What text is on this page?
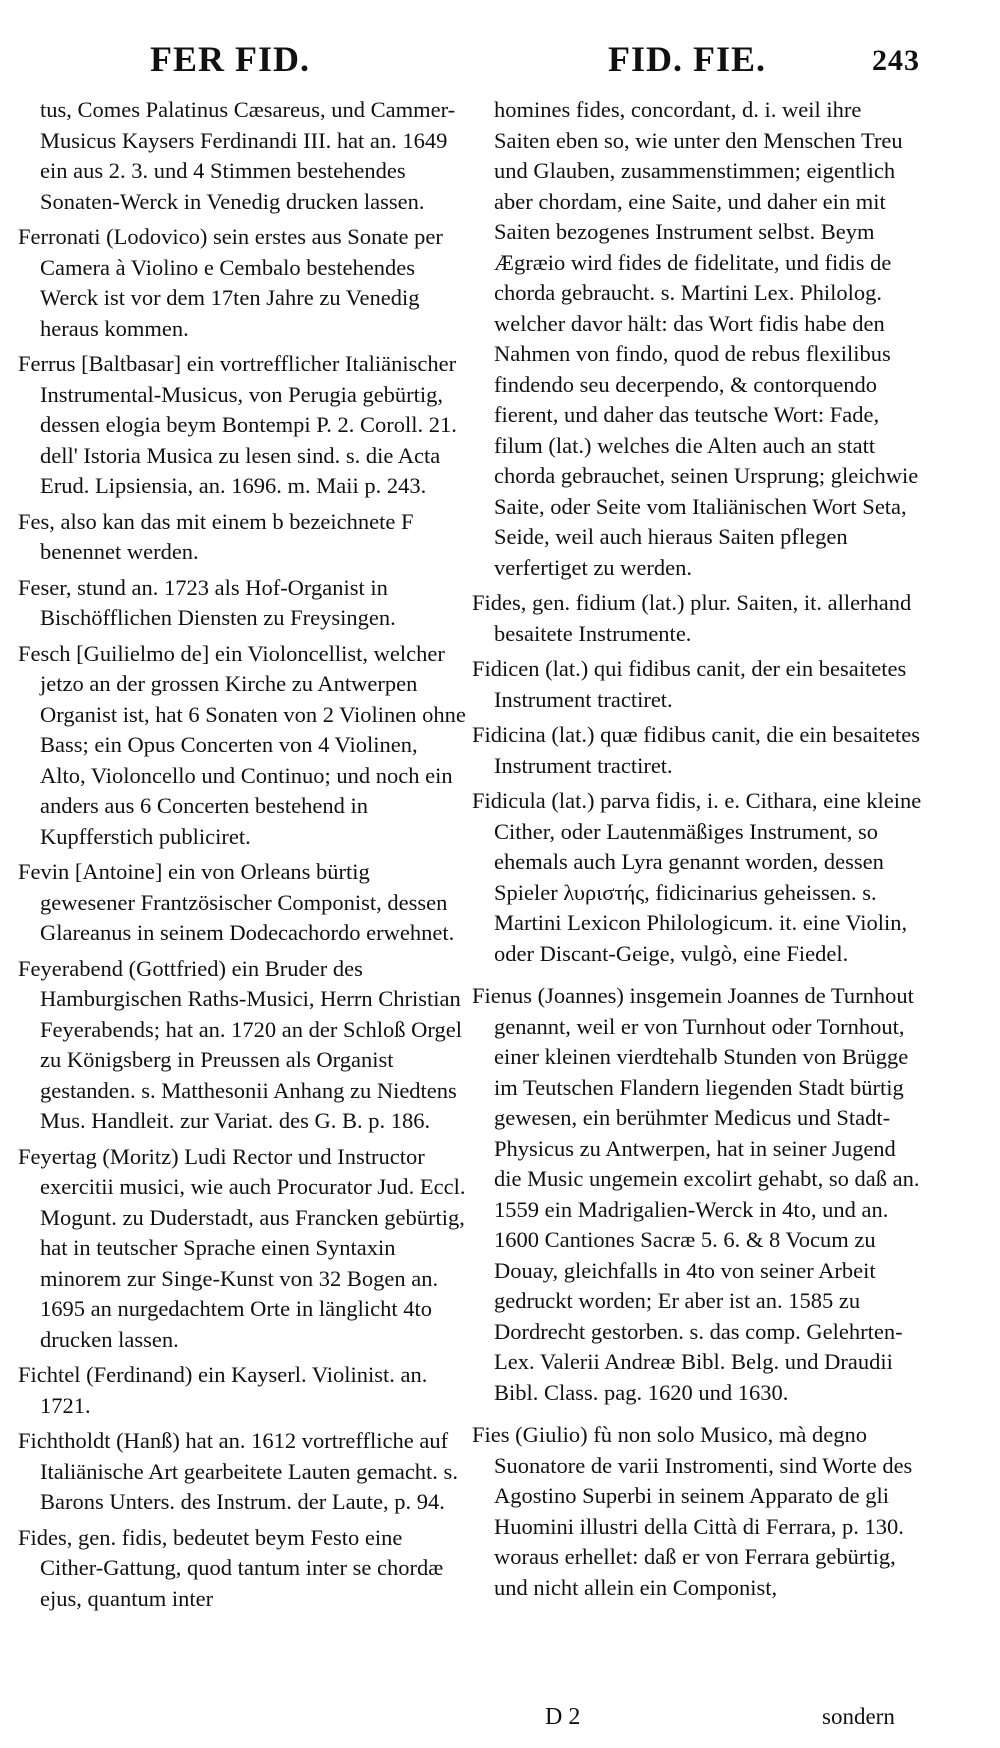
FER FID.	FID. FIE.	243

tus, Comes Palatinus Cæsareus, und Cammer-Musicus Kaysers Ferdinandi III. hat an. 1649 ein aus 2. 3. und 4 Stimmen bestehendes Sonaten-Werck in Venedig drucken lassen.

Ferronati (Lodovico) sein erstes aus Sonate per Camera à Violino e Cembalo bestehendes Werck ist vor dem 17ten Jahre zu Venedig heraus kommen.

Ferrus [Baltbasar] ein vortrefflicher Italiänischer Instrumental-Musicus, von Perugia gebürtig, dessen elogia beym Bontempi P. 2. Coroll. 21. dell' Istoria Musica zu lesen sind. s. die Acta Erud. Lipsiensia, an. 1696. m. Maii p. 243.

Fes, also kan das mit einem b bezeichnete F benennet werden.

Feser, stund an. 1723 als Hof-Organist in Bischöfflichen Diensten zu Freysingen.

Fesch [Guilielmo de] ein Violoncellist, welcher jetzo an der grossen Kirche zu Antwerpen Organist ist, hat 6 Sonaten von 2 Violinen ohne Bass; ein Opus Concerten von 4 Violinen, Alto, Violoncello und Continuo; und noch ein anders aus 6 Concerten bestehend in Kupfferstich publiciret.

Fevin [Antoine] ein von Orleans bürtig gewesener Frantzösischer Componist, dessen Glareanus in seinem Dodecachordo erwehnet.

Feyerabend (Gottfried) ein Bruder des Hamburgischen Raths-Musici, Herrn Christian Feyerabends; hat an. 1720 an der Schloß Orgel zu Königsberg in Preussen als Organist gestanden. s. Matthesonii Anhang zu Niedtens Mus. Handleit. zur Variat. des G. B. p. 186.

Feyertag (Moritz) Ludi Rector und Instructor exercitii musici, wie auch Procurator Jud. Eccl. Mogunt. zu Duderstadt, aus Francken gebürtig, hat in teutscher Sprache einen Syntaxin minorem zur Singe-Kunst von 32 Bogen an. 1695 an nurgedachtem Orte in länglicht 4to drucken lassen.

Fichtel (Ferdinand) ein Kayserl. Violinist. an. 1721.

Fichtholdt (Hanß) hat an. 1612 vortreffliche auf Italiänische Art gearbeitete Lauten gemacht. s. Barons Unters. des Instrum. der Laute, p. 94.

Fides, gen. fidis, bedeutet beym Festo eine Cither-Gattung, quod tantum inter se chordæ ejus, quantum inter

homines fides, concordant, d. i. weil ihre Saiten eben so, wie unter den Menschen Treu und Glauben, zusammenstimmen; eigentlich aber chordam, eine Saite, und daher ein mit Saiten bezogenes Instrument selbst. Beym Ægræio wird fides de fidelitate, und fidis de chorda gebraucht. s. Martini Lex. Philolog. welcher davor hält: das Wort fidis habe den Nahmen von findo, quod de rebus flexilibus findendo seu decerpendo, & contorquendo fierent, und daher das teutsche Wort: Fade, filum (lat.) welches die Alten auch an statt chorda gebrauchet, seinen Ursprung; gleichwie Saite, oder Seite vom Italiänischen Wort Seta, Seide, weil auch hieraus Saiten pflegen verfertiget zu werden.

Fides, gen. fidium (lat.) plur. Saiten, it. allerhand besaitete Instrumente.

Fidicen (lat.) qui fidibus canit, der ein besaitetes Instrument tractiret.

Fidicina (lat.) quæ fidibus canit, die ein besaitetes Instrument tractiret.

Fidicula (lat.) parva fidis, i. e. Cithara, eine kleine Cither, oder Lautenmäßiges Instrument, so ehemals auch Lyra genannt worden, dessen Spieler λυριστής, fidicinarius geheissen. s. Martini Lexicon Philologicum. it. eine Violin, oder Discant-Geige, vulgò, eine Fiedel.

Fienus (Joannes) insgemein Joannes de Turnhout genannt, weil er von Turnhout oder Tornhout, einer kleinen vierdtehalb Stunden von Brügge im Teutschen Flandern liegenden Stadt bürtig gewesen, ein berühmter Medicus und Stadt-Physicus zu Antwerpen, hat in seiner Jugend die Music ungemein excolirt gehabt, so daß an. 1559 ein Madrigalien-Werck in 4to, und an. 1600 Cantiones Sacræ 5. 6. & 8 Vocum zu Douay, gleichfalls in 4to von seiner Arbeit gedruckt worden; Er aber ist an. 1585 zu Dordrecht gestorben. s. das comp. Gelehrten-Lex. Valerii Andreæ Bibl. Belg. und Draudii Bibl. Class. pag. 1620 und 1630.

Fies (Giulio) fù non solo Musico, mà degno Suonatore de varii Instromenti, sind Worte des Agostino Superbi in seinem Apparato de gli Huomini illustri della Città di Ferrara, p. 130. woraus erhellet: daß er von Ferrara gebürtig, und nicht allein ein Componist,

D 2	sondern
